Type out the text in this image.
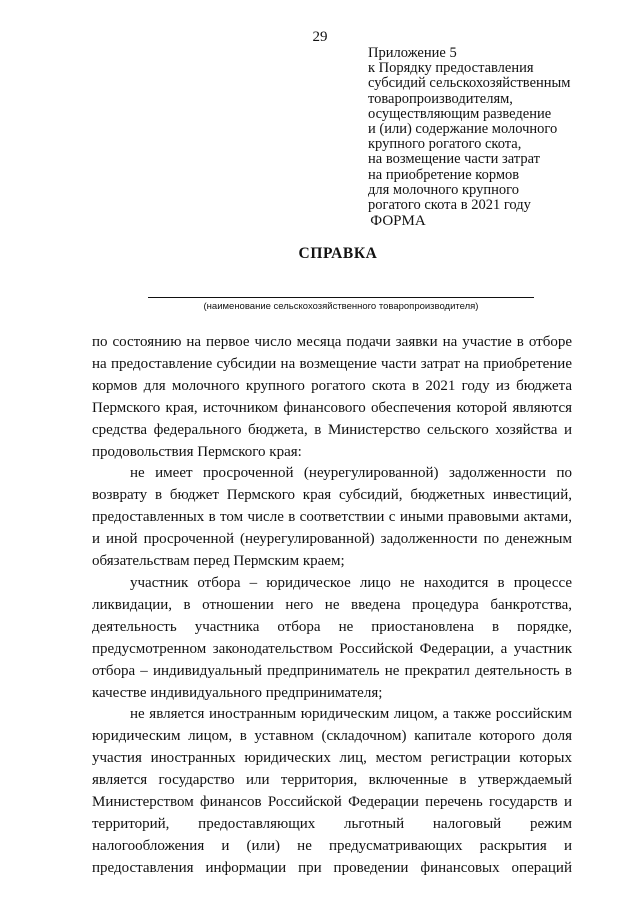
29
Приложение 5
к Порядку предоставления
субсидий сельскохозяйственным
товаропроизводителям,
осуществляющим разведение
и (или) содержание молочного
крупного рогатого скота,
на возмещение части затрат
на приобретение кормов
для молочного крупного
рогатого скота в 2021 году
ФОРМА
СПРАВКА
(наименование сельскохозяйственного товаропроизводителя)

по состоянию на первое число месяца подачи заявки на участие в отборе на предоставление субсидии на возмещение части затрат на приобретение кормов для молочного крупного рогатого скота в 2021 году из бюджета Пермского края, источником финансового обеспечения которой являются средства федерального бюджета, в Министерство сельского хозяйства и продовольствия Пермского края:

не имеет просроченной (неурегулированной) задолженности по возврату в бюджет Пермского края субсидий, бюджетных инвестиций, предоставленных в том числе в соответствии с иными правовыми актами, и иной просроченной (неурегулированной) задолженности по денежным обязательствам перед Пермским краем;

участник отбора – юридическое лицо не находится в процессе ликвидации, в отношении него не введена процедура банкротства, деятельность участника отбора не приостановлена в порядке, предусмотренном законодательством Российской Федерации, а участник отбора – индивидуальный предприниматель не прекратил деятельность в качестве индивидуального предпринимателя;

не является иностранным юридическим лицом, а также российским юридическим лицом, в уставном (складочном) капитале которого доля участия иностранных юридических лиц, местом регистрации которых является государство или территория, включенные в утверждаемый Министерством финансов Российской Федерации перечень государств и территорий, предоставляющих льготный налоговый режим налогообложения и (или) не предусматривающих раскрытия и предоставления информации при проведении финансовых операций
